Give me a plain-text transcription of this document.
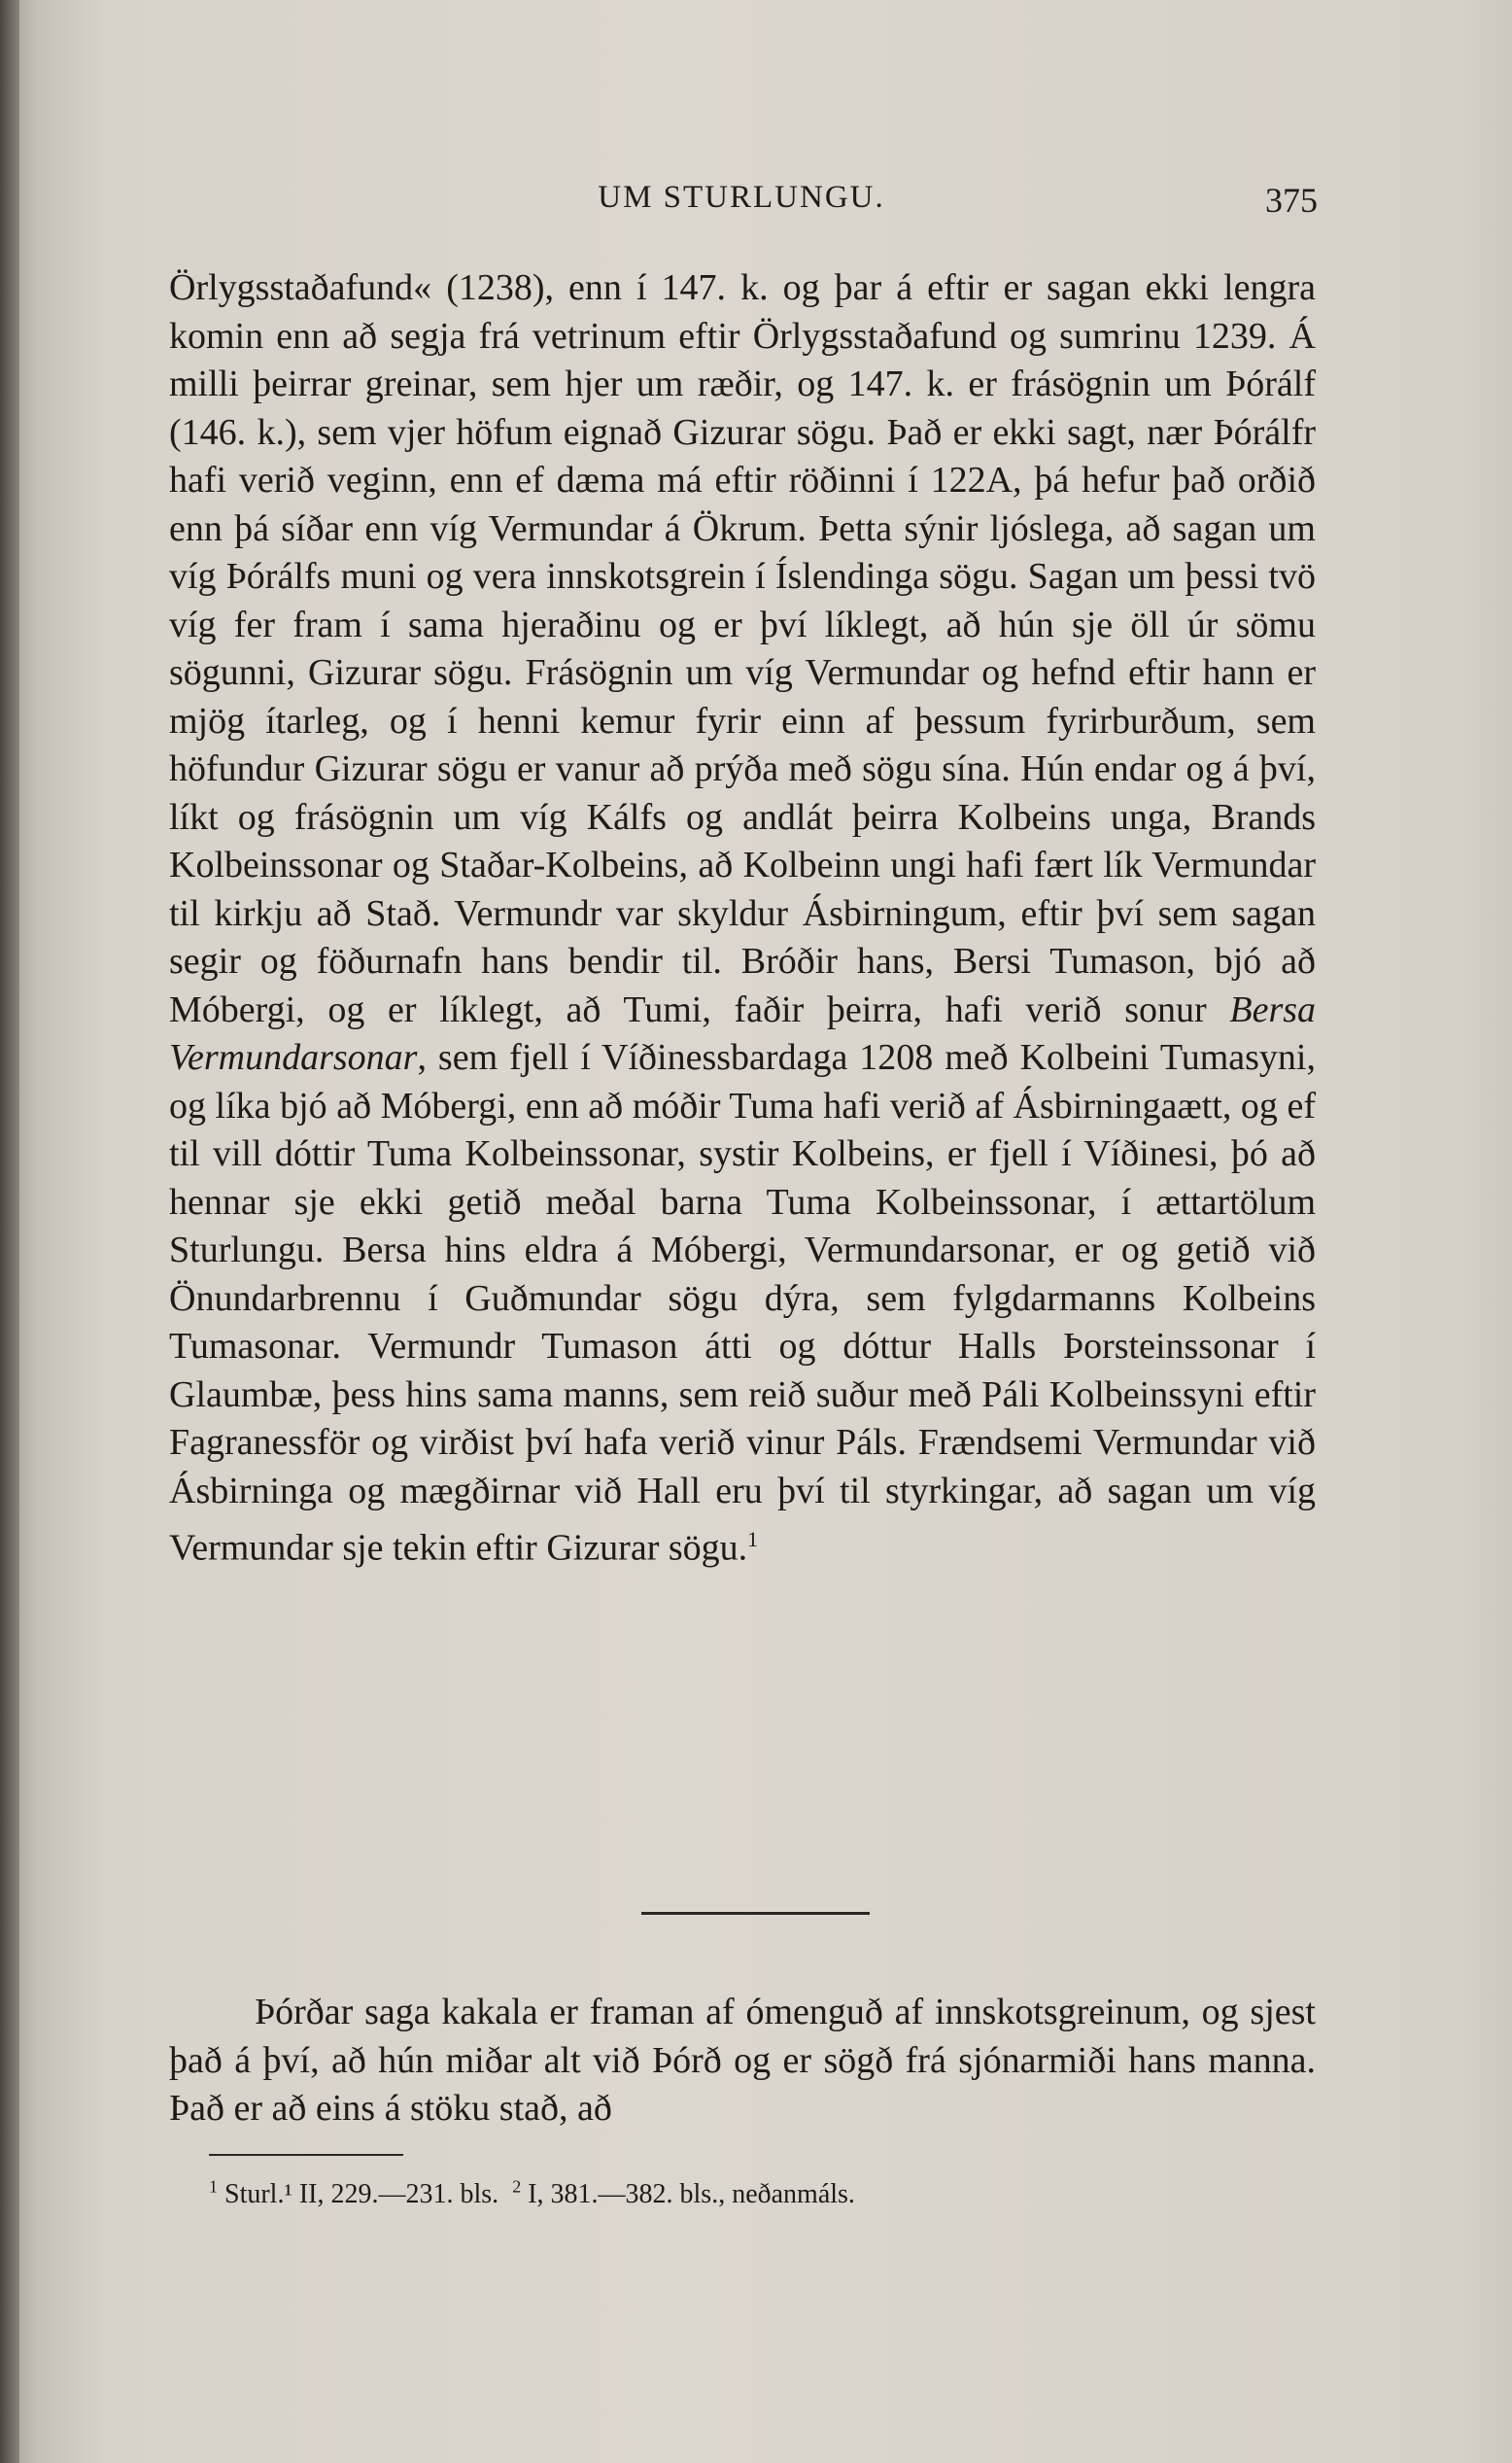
UM STURLUNGU.	375

Örlygsstaðafund« (1238), enn í 147. k. og þar á eftir er sagan ekki lengra komin enn að segja frá vetrinum eftir Örlygsstaðafund og sumrinu 1239. Á milli þeirrar greinar, sem hjer um ræðir, og 147. k. er frásögnin um Þórálf (146. k.), sem vjer höfum eignað Gizurar sögu. Það er ekki sagt, nær Þórálfr hafi verið veginn, enn ef dæma má eftir röðinni í 122A, þá hefur það orðið enn þá síðar enn víg Vermundar á Ökrum. Þetta sýnir ljóslega, að sagan um víg Þórálfs muni og vera innskotsgrein í Íslendinga sögu. Sagan um þessi tvö víg fer fram í sama hjeraðinu og er því líklegt, að hún sje öll úr sömu sögunni, Gizurar sögu. Frásögnin um víg Vermundar og hefnd eftir hann er mjög ítarleg, og í henni kemur fyrir einn af þessum fyrirburðum, sem höfundur Gizurar sögu er vanur að prýða með sögu sína. Hún endar og á því, líkt og frásögnin um víg Kálfs og andlát þeirra Kolbeins unga, Brands Kolbeinssonar og Staðar-Kolbeins, að Kolbeinn ungi hafi fært lík Vermundar til kirkju að Stað. Vermundr var skyldur Ásbirningum, eftir því sem sagan segir og föðurnafn hans bendir til. Bróðir hans, Bersi Tumason, bjó að Móbergi, og er líklegt, að Tumi, faðir þeirra, hafi verið sonur Bersa Vermundarsonar, sem fjell í Víðinessbardaga 1208 með Kolbeini Tumasyni, og líka bjó að Móbergi, enn að móðir Tuma hafi verið af Ásbirningaætt, og ef til vill dóttir Tuma Kolbeinssonar, systir Kolbeins, er fjell í Víðinesi, þó að hennar sje ekki getið meðal barna Tuma Kolbeinssonar, í ættartölum Sturlungu. Bersa hins eldra á Móbergi, Vermundarsonar, er og getið við Önundarbrennu í Guðmundar sögu dýra, sem fylgdarmanns Kolbeins Tumasonar. Vermundr Tumason átti og dóttur Halls Þorsteinssonar í Glaumbæ, þess hins sama manns, sem reið suður með Páli Kolbeinssyni eftir Fagranessför og virðist því hafa verið vinur Páls. Frændsemi Vermundar við Ásbirninga og mægðirnar við Hall eru því til styrkingar, að sagan um víg Vermundar sje tekin eftir Gizurar sögu.$^1$

Þórðar saga kakala er framan af ómenguð af innskotsgreinum, og sjest það á því, að hún miðar alt við Þórð og er sögð frá sjónarmiði hans manna. Það er að eins á stöku stað, að

$^1$ Sturl.¹ II, 229.—231. bls. $^2$ I, 381.—382. bls., neðanmáls.
